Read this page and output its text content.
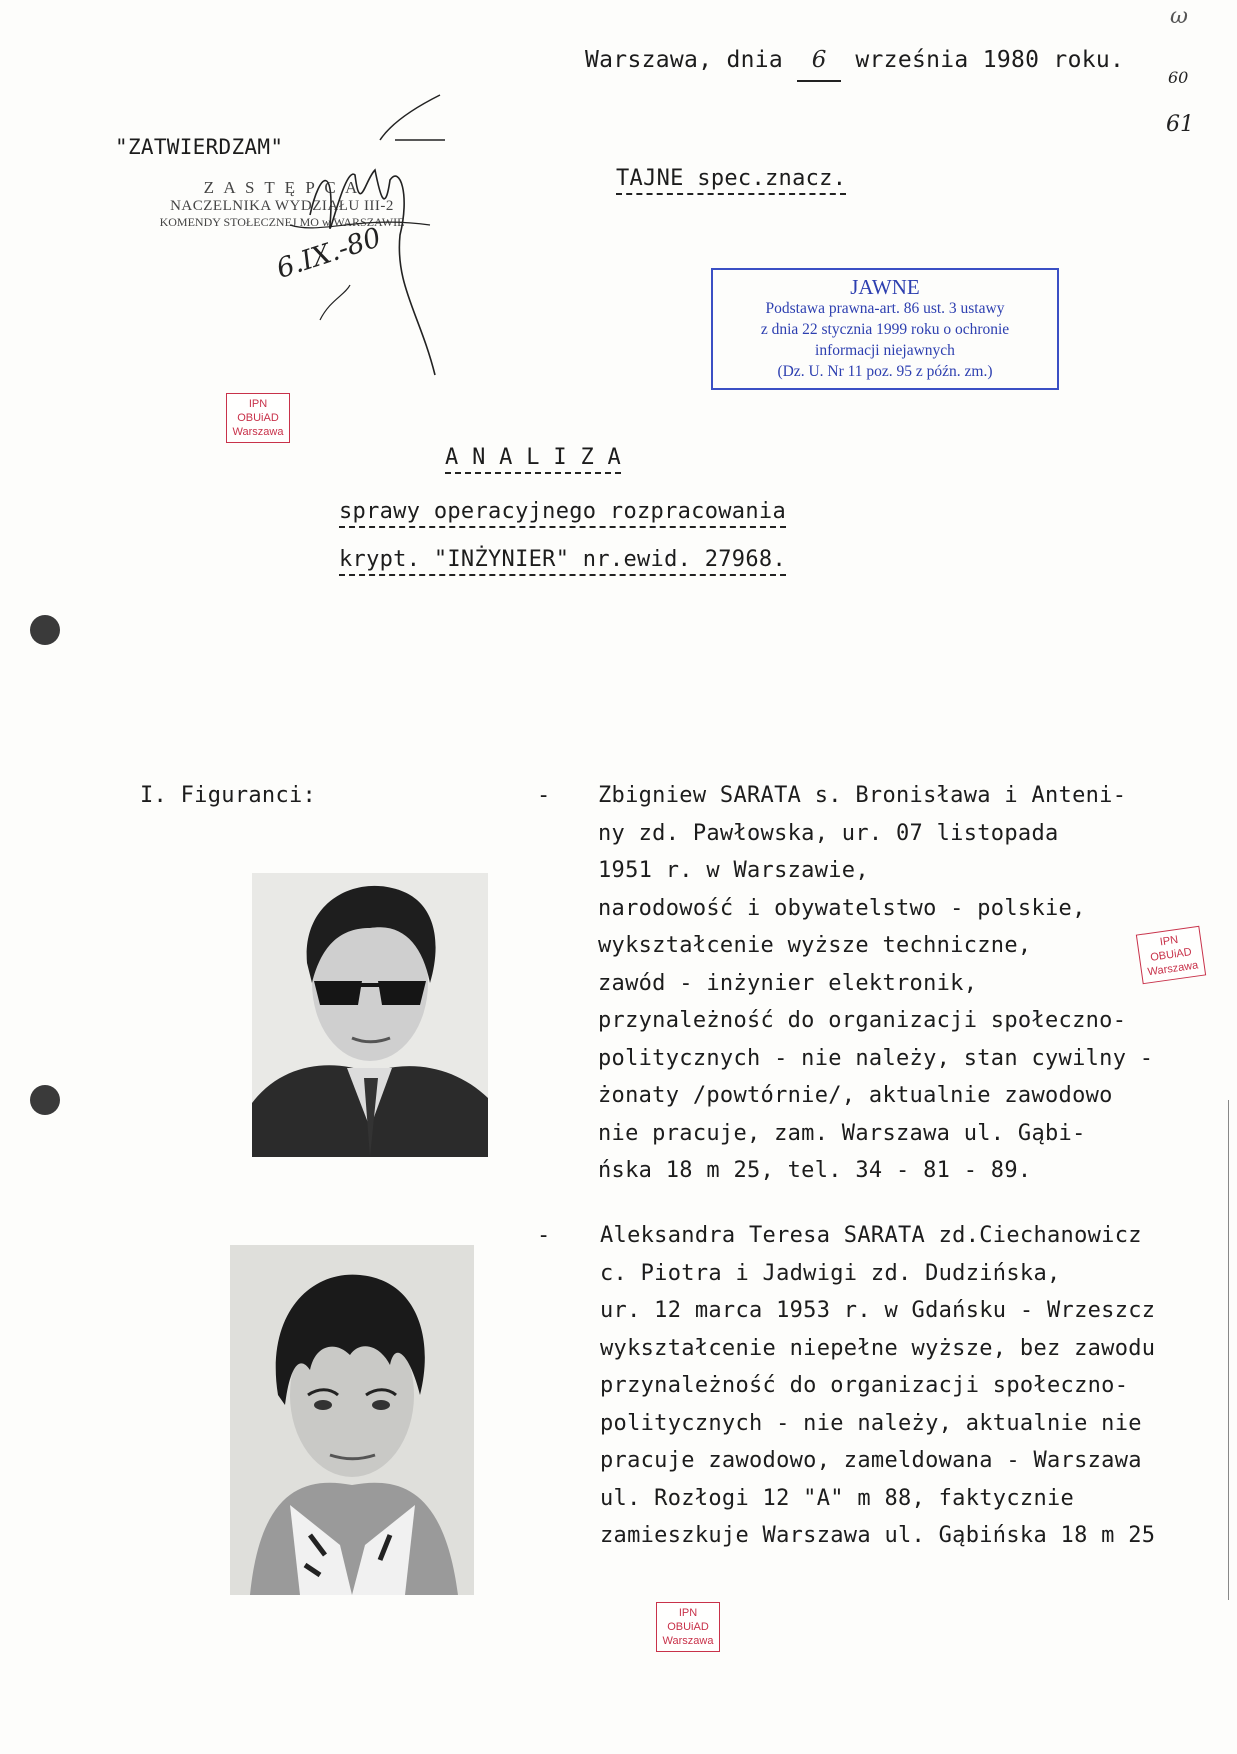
Warszawa, dnia 6 września 1980 roku.
60
61
ω
"ZATWIERDZAM"
Z A S T Ę P C A
NACZELNIKA WYDZIAŁU III-2
KOMENDY STOŁECZNEJ MO w WARSZAWIE
6.IX.-80
TAJNE spec.znacz.
JAWNE
Podstawa prawna-art. 86 ust. 3 ustawy
z dnia 22 stycznia 1999 roku o ochronie
informacji niejawnych
(Dz. U. Nr 11 poz. 95 z późn. zm.)
IPN
OBUiAD
Warszawa
IPN
OBUiAD
Warszawa
IPN
OBUiAD
Warszawa
A N A L I Z A
sprawy operacyjnego rozpracowania
krypt. "INŻYNIER" nr.ewid. 27968.
I. Figuranci:	- Zbigniew SARATA s. Bronisława i Anteni-
ny zd. Pawłowska, ur. 07 listopada
1951 r. w Warszawie,
narodowość i obywatelstwo - polskie,
wykształcenie wyższe techniczne,
zawód - inżynier elektronik,
przynależność do organizacji społeczno-
politycznych - nie należy, stan cywilny -
żonaty /powtórnie/, aktualnie zawodowo
nie pracuje, zam. Warszawa ul. Gąbi-
ńska 18 m 25, tel. 34 - 81 - 89.
- Aleksandra Teresa SARATA zd.Ciechanowicz
c. Piotra i Jadwigi zd. Dudzińska,
ur. 12 marca 1953 r. w Gdańsku - Wrzeszcz
wykształcenie niepełne wyższe, bez zawodu
przynależność do organizacji społeczno-
politycznych - nie należy, aktualnie nie
pracuje zawodowo, zameldowana - Warszawa
ul. Rozłogi 12 "A" m 88, faktycznie
zamieszkuje Warszawa ul. Gąbińska 18 m 25
